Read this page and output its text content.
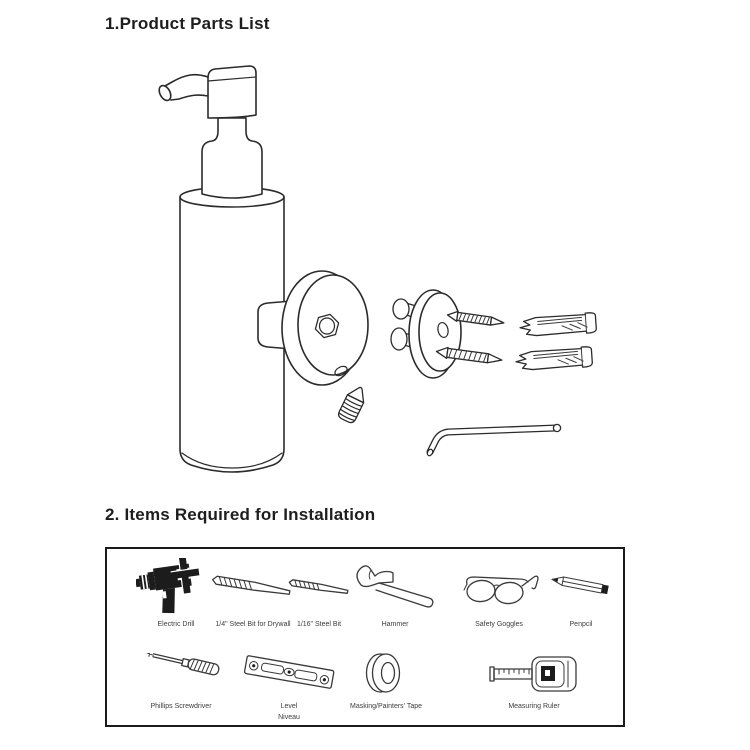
1.Product Parts List
2. Items Required for Installation
Electric Drill	1/4" Steel Bit for Drywall 1/16" Steel Bit	Hammer	Safety Goggles	Penpcil
Phillips Screwdriver	Level
Niveau
Masking/Painters' Tape	Measuring Ruler
